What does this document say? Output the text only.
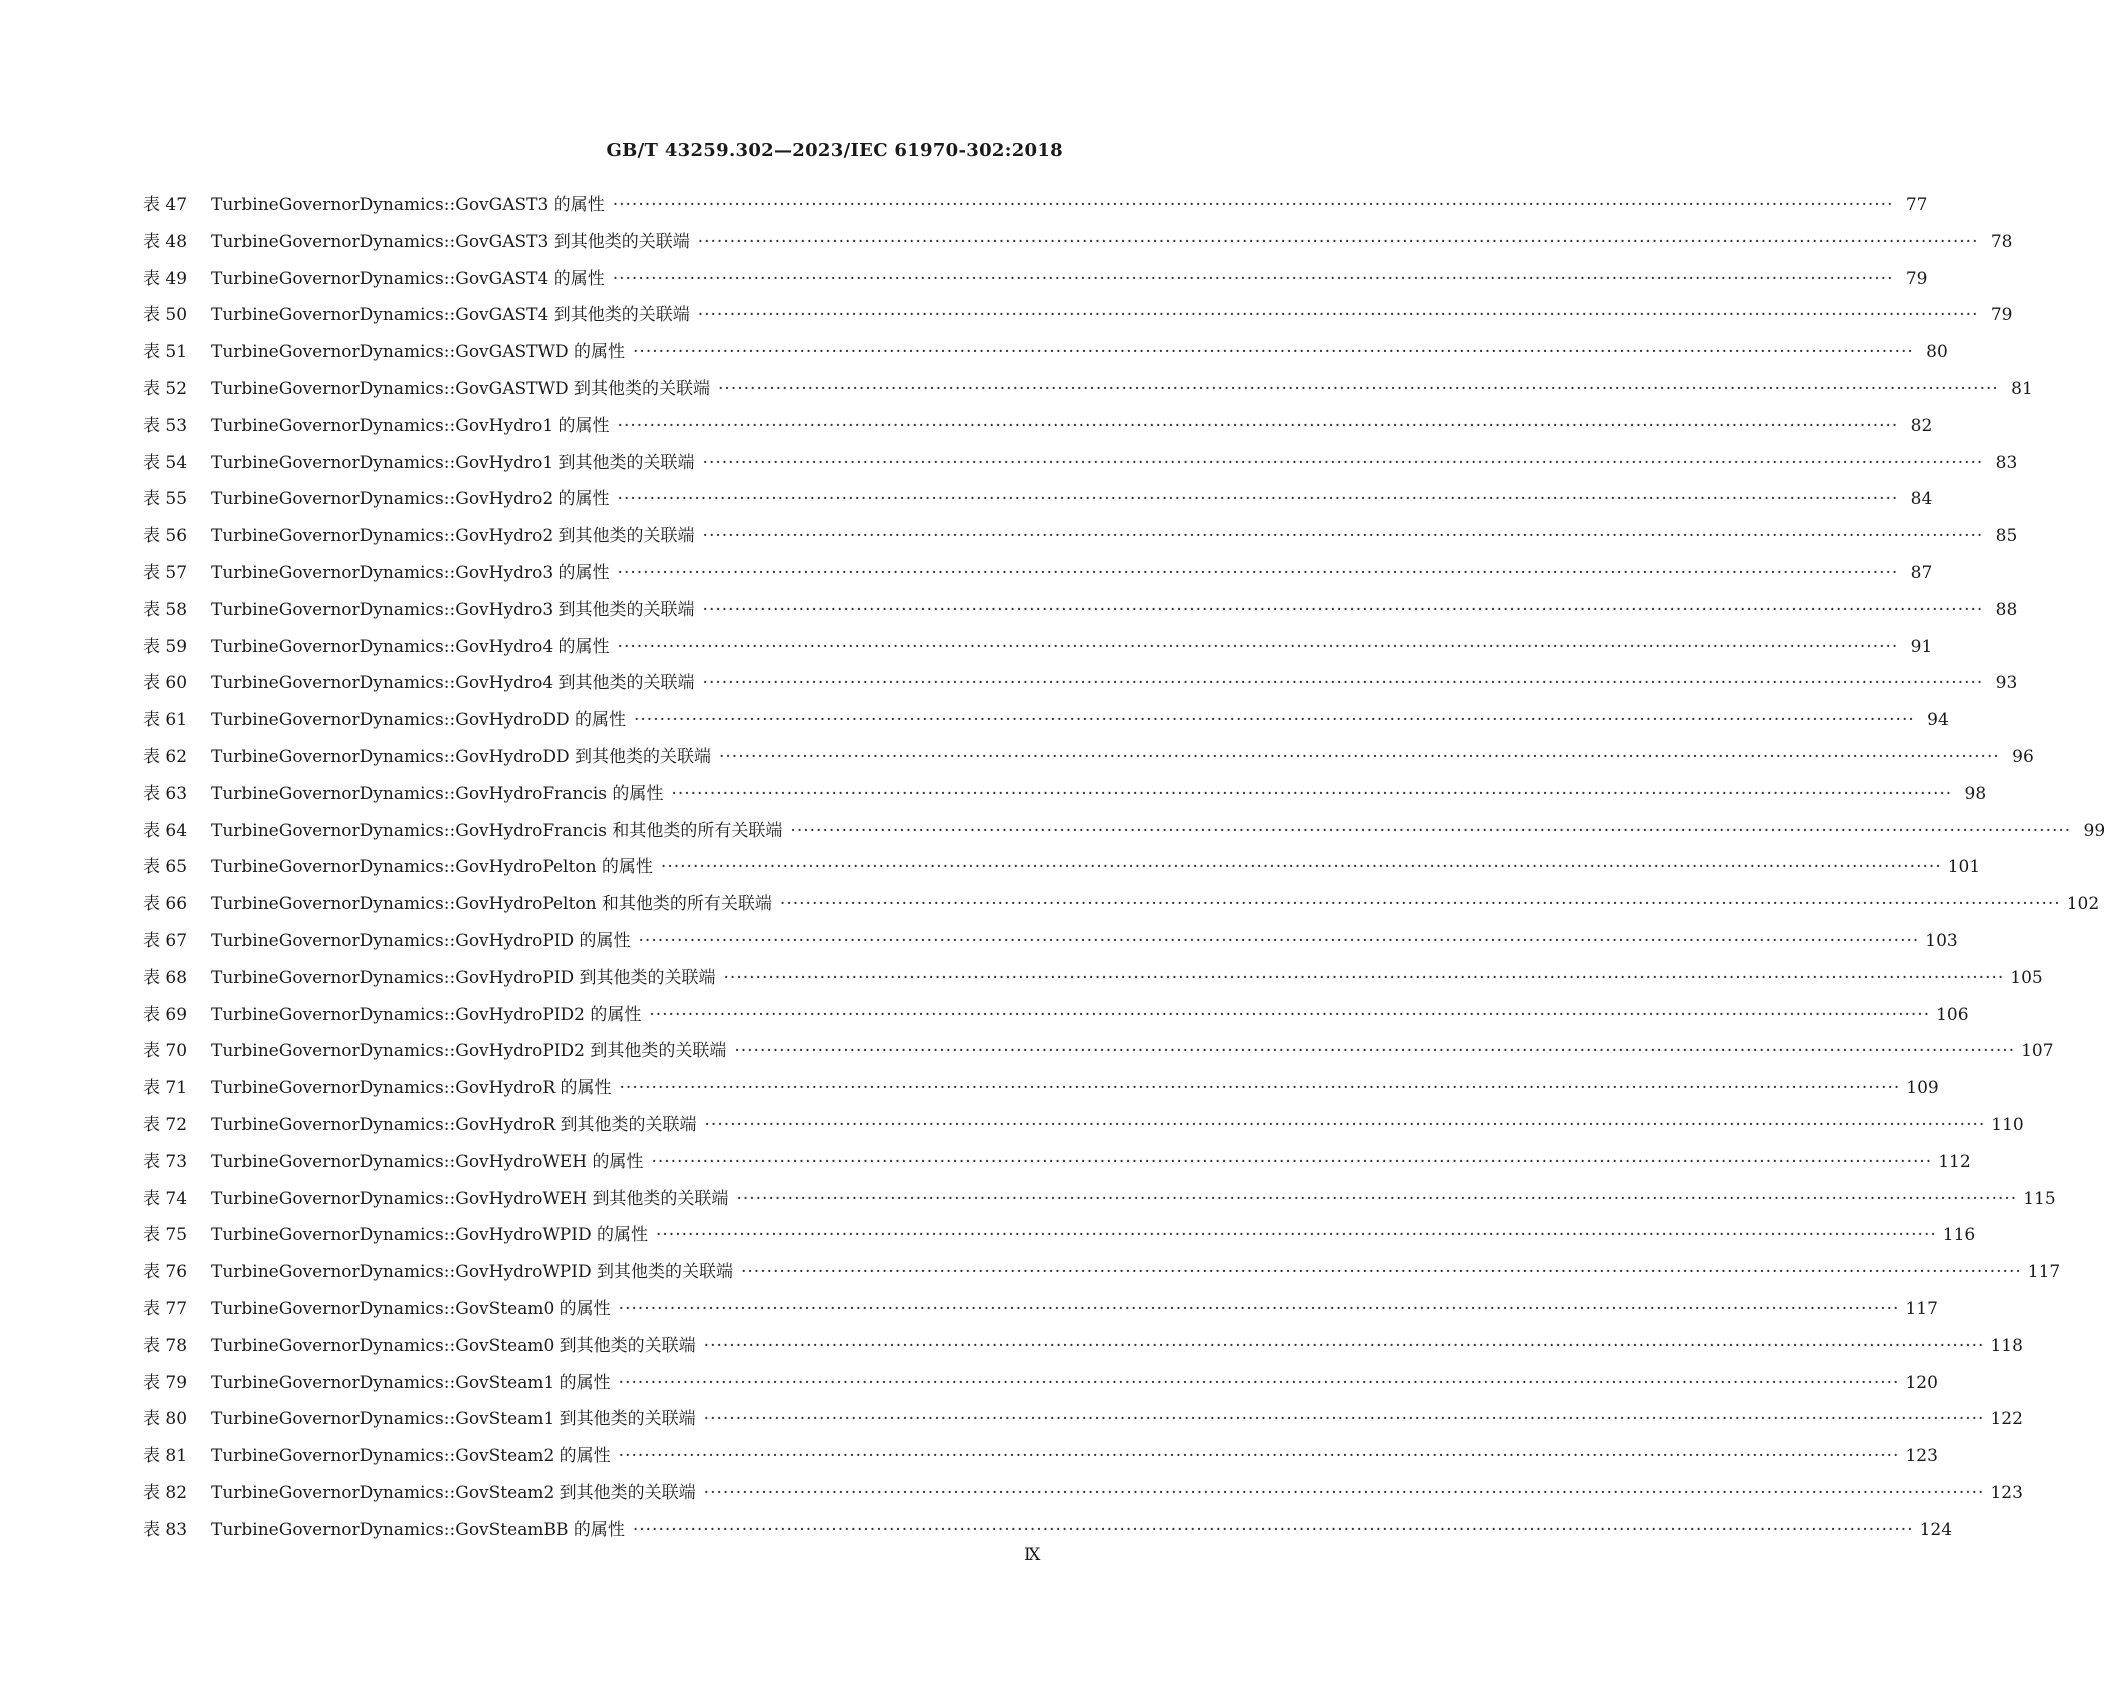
GB/T 43259.302—2023/IEC 61970-302:2018
表 47	TurbineGovernorDynamics::GovGAST3 的属性 ········································································································································································································ 77
表 48	TurbineGovernorDynamics::GovGAST3 到其他类的关联端 ········································································································································································································ 78
表 49	TurbineGovernorDynamics::GovGAST4 的属性 ········································································································································································································ 79
表 50	TurbineGovernorDynamics::GovGAST4 到其他类的关联端 ········································································································································································································ 79
表 51	TurbineGovernorDynamics::GovGASTWD 的属性 ········································································································································································································ 80
表 52	TurbineGovernorDynamics::GovGASTWD 到其他类的关联端 ········································································································································································································ 81
表 53	TurbineGovernorDynamics::GovHydro1 的属性 ········································································································································································································ 82
表 54	TurbineGovernorDynamics::GovHydro1 到其他类的关联端 ········································································································································································································ 83
表 55	TurbineGovernorDynamics::GovHydro2 的属性 ········································································································································································································ 84
表 56	TurbineGovernorDynamics::GovHydro2 到其他类的关联端 ········································································································································································································ 85
表 57	TurbineGovernorDynamics::GovHydro3 的属性 ········································································································································································································ 87
表 58	TurbineGovernorDynamics::GovHydro3 到其他类的关联端 ········································································································································································································ 88
表 59	TurbineGovernorDynamics::GovHydro4 的属性 ········································································································································································································ 91
表 60	TurbineGovernorDynamics::GovHydro4 到其他类的关联端 ········································································································································································································ 93
表 61	TurbineGovernorDynamics::GovHydroDD 的属性 ········································································································································································································ 94
表 62	TurbineGovernorDynamics::GovHydroDD 到其他类的关联端 ········································································································································································································ 96
表 63	TurbineGovernorDynamics::GovHydroFrancis 的属性 ········································································································································································································ 98
表 64	TurbineGovernorDynamics::GovHydroFrancis 和其他类的所有关联端 ········································································································································································································ 99
表 65	TurbineGovernorDynamics::GovHydroPelton 的属性 ········································································································································································································ 101
表 66	TurbineGovernorDynamics::GovHydroPelton 和其他类的所有关联端 ········································································································································································································ 102
表 67	TurbineGovernorDynamics::GovHydroPID 的属性 ········································································································································································································ 103
表 68	TurbineGovernorDynamics::GovHydroPID 到其他类的关联端 ········································································································································································································ 105
表 69	TurbineGovernorDynamics::GovHydroPID2 的属性 ········································································································································································································ 106
表 70	TurbineGovernorDynamics::GovHydroPID2 到其他类的关联端 ········································································································································································································ 107
表 71	TurbineGovernorDynamics::GovHydroR 的属性 ········································································································································································································ 109
表 72	TurbineGovernorDynamics::GovHydroR 到其他类的关联端 ········································································································································································································ 110
表 73	TurbineGovernorDynamics::GovHydroWEH 的属性 ········································································································································································································ 112
表 74	TurbineGovernorDynamics::GovHydroWEH 到其他类的关联端 ········································································································································································································ 115
表 75	TurbineGovernorDynamics::GovHydroWPID 的属性 ········································································································································································································ 116
表 76	TurbineGovernorDynamics::GovHydroWPID 到其他类的关联端 ········································································································································································································ 117
表 77	TurbineGovernorDynamics::GovSteam0 的属性 ········································································································································································································ 117
表 78	TurbineGovernorDynamics::GovSteam0 到其他类的关联端 ········································································································································································································ 118
表 79	TurbineGovernorDynamics::GovSteam1 的属性 ········································································································································································································ 120
表 80	TurbineGovernorDynamics::GovSteam1 到其他类的关联端 ········································································································································································································ 122
表 81	TurbineGovernorDynamics::GovSteam2 的属性 ········································································································································································································ 123
表 82	TurbineGovernorDynamics::GovSteam2 到其他类的关联端 ········································································································································································································ 123
表 83	TurbineGovernorDynamics::GovSteamBB 的属性 ········································································································································································································ 124
Ⅸ
